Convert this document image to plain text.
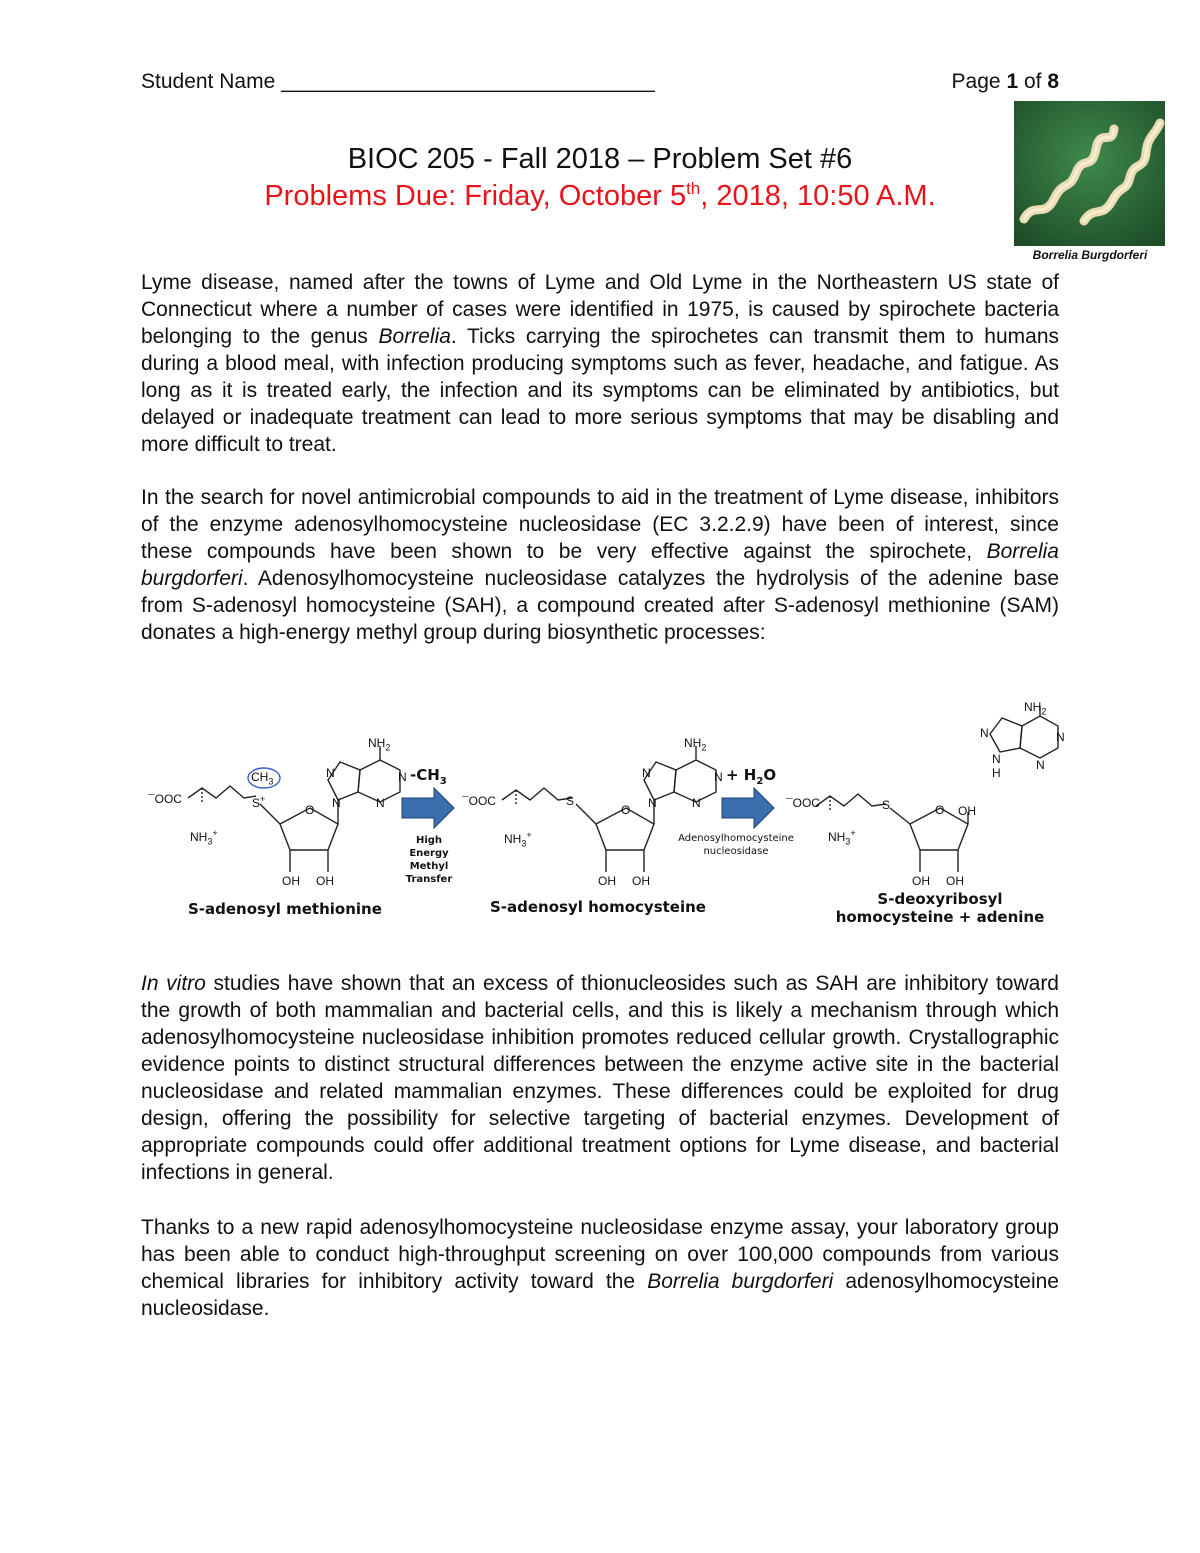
Student Name ________________________________	Page 1 of 8
BIOC 205 - Fall 2018 – Problem Set #6
Problems Due: Friday, October 5th, 2018, 10:50 A.M.
Borrelia Burgdorferi
Lyme disease, named after the towns of Lyme and Old Lyme in the Northeastern US state of Connecticut where a number of cases were identified in 1975, is caused by spirochete bacteria belonging to the genus Borrelia. Ticks carrying the spirochetes can transmit them to humans during a blood meal, with infection producing symptoms such as fever, headache, and fatigue. As long as it is treated early, the infection and its symptoms can be eliminated by antibiotics, but delayed or inadequate treatment can lead to more serious symptoms that may be disabling and more difficult to treat.
In the search for novel antimicrobial compounds to aid in the treatment of Lyme disease, inhibitors of the enzyme adenosylhomocysteine nucleosidase (EC 3.2.2.9) have been of interest, since these compounds have been shown to be very effective against the spirochete, Borrelia burgdorferi. Adenosylhomocysteine nucleosidase catalyzes the hydrolysis of the adenine base from S-adenosyl homocysteine (SAH), a compound created after S-adenosyl methionine (SAM) donates a high-energy methyl group during biosynthetic processes:
¯OOC
$NH_3^+$
$CH_3$
S+
O
OH OH
$NH_2$
N
N
N
N
$-CH_3$
High
Energy
Methyl
Transfer
¯OOC
$NH_3^+$
S
O
OH OH
$NH_2$
N
N
N
N
+ $H_2O$
Adenosylhomocysteine
nucleosidase
¯OOC
$NH_3^+$
S	O OH
OH OH
$NH_2$
N
N
H
N
N
S-adenosyl methionine	S-adenosyl homocysteine	S-deoxyribosyl
homocysteine + adenine
In vitro studies have shown that an excess of thionucleosides such as SAH are inhibitory toward the growth of both mammalian and bacterial cells, and this is likely a mechanism through which adenosylhomocysteine nucleosidase inhibition promotes reduced cellular growth. Crystallographic evidence points to distinct structural differences between the enzyme active site in the bacterial nucleosidase and related mammalian enzymes. These differences could be exploited for drug design, offering the possibility for selective targeting of bacterial enzymes. Development of appropriate compounds could offer additional treatment options for Lyme disease, and bacterial infections in general.
Thanks to a new rapid adenosylhomocysteine nucleosidase enzyme assay, your laboratory group has been able to conduct high-throughput screening on over 100,000 compounds from various chemical libraries for inhibitory activity toward the Borrelia burgdorferi adenosylhomocysteine nucleosidase.
